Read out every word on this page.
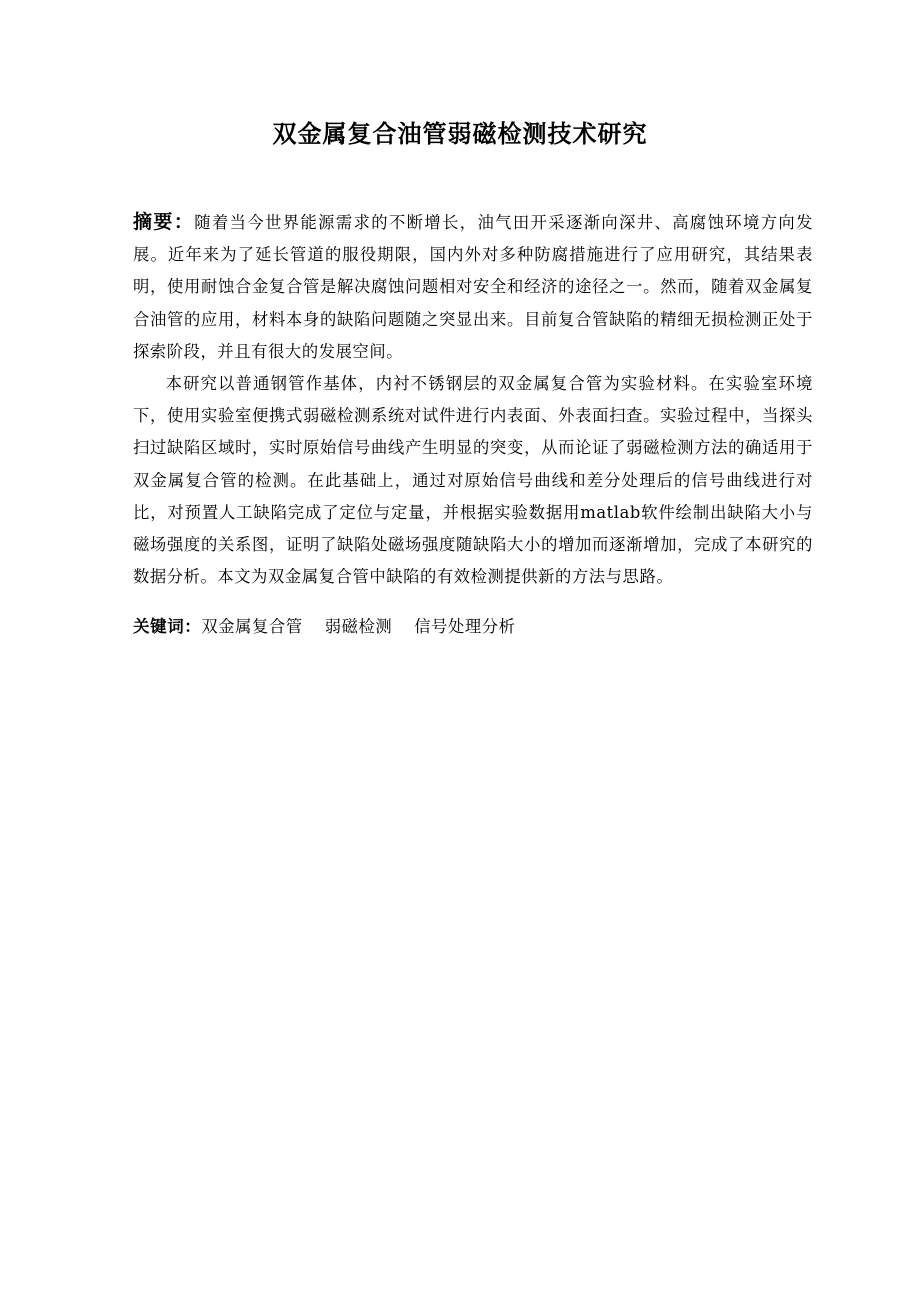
双金属复合油管弱磁检测技术研究

摘要：随着当今世界能源需求的不断增长，油气田开采逐渐向深井、高腐蚀环境方向发展。近年来为了延长管道的服役期限，国内外对多种防腐措施进行了应用研究，其结果表明，使用耐蚀合金复合管是解决腐蚀问题相对安全和经济的途径之一。然而，随着双金属复合油管的应用，材料本身的缺陷问题随之突显出来。目前复合管缺陷的精细无损检测正处于探索阶段，并且有很大的发展空间。

本研究以普通钢管作基体，内衬不锈钢层的双金属复合管为实验材料。在实验室环境下，使用实验室便携式弱磁检测系统对试件进行内表面、外表面扫查。实验过程中，当探头扫过缺陷区域时，实时原始信号曲线产生明显的突变，从而论证了弱磁检测方法的确适用于双金属复合管的检测。在此基础上，通过对原始信号曲线和差分处理后的信号曲线进行对比，对预置人工缺陷完成了定位与定量，并根据实验数据用matlab软件绘制出缺陷大小与磁场强度的关系图，证明了缺陷处磁场强度随缺陷大小的增加而逐渐增加，完成了本研究的数据分析。本文为双金属复合管中缺陷的有效检测提供新的方法与思路。

关键词：双金属复合管 弱磁检测 信号处理分析
